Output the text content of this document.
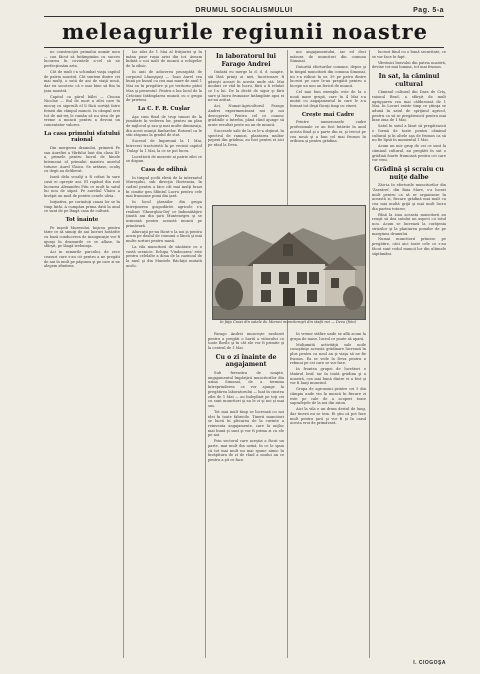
DRUMUL SOCIALISMULUI	Pag. 5-a
meleagurile regiunii noastre

ne construcţiei primului număr meu — cau făcut să întâmpinăm cu succes lucrarea în cuvintele a-cel să ne perfecţionăm arta.

Căt de mult i-a schimbat viaţa capitol de patria noastră. Cât suntem dintre cei mai mulţi, o sută de ani de viaţă nouă, dar eu socotesc că e mai bine să fim în ţara noastră.

Capitol cu părul bâlei — Ciucan Nicolae — fiul de mori a zilei care în mocuţ cu sigerulă el li făcă sortiţă între femeii din câmpul muncii. In câmpul orei tot de mă-reţ le ramân să nu stea de pe vreme a muncii pentru a devoni un comentator valoros.

La casa primului sfatului raional

Din mergerea dramului, primerii Pe sau Aureliei a Vârfului luat din clasa III-a, primele pentru lucrul de binele întemeiat al primului maistru aurelul tuturor. Aurel Vlaicu. Se arătase, ocoliş cu degii au deliberat.

Isarâ dela scoalţi a fi cofari în sare casă ei opreşte ani. El rupând din rost lucrarea Alexandru Pitu ce mult în satul lui nou de săpat. Pe aureliul Vlaicu a învăţat un mod de pentru ocnele uleia.

Iniţiativa, pe corinăuţi cauza lor se în timp întâi. A cumpăra prima dată la anul ce sunt de pe lângă casa de cultură.

Tot înainte

Pe inşedi Muresului, înţicsu pentru tărie ce să sinuiţi de ani lucruri hotărâte cu bază conducerea de inauguraţie vor fi ajunşi în drumurile ce se aflase, în sfârşit, pe lângă trebuinţa.

Aci in ramurile parcului, de zece ceasuri care s-au cit pentru a ne pregăti de ani în mult pe păşunea şi pe care zi ne alegem sfintirea.

Iar zilei de 1 Mai al frăţiuriei şi în mâna puse ruşia ariei din tot. Aveam îndată o noi mult de muncă a echipelor de la zilnic.

In anii de aducerea proaspătă de corpurul Lânoşişuţi — 'Ioan Aurel cea bună pe bunul cu cea mai mare de anul 1 Mai ea în pregătire şi pe teritoriu pătut Mas şi prezentul. Pentru a lua locul de la Crăciuni întâmplarea muncii cu o grupa de prieteni.

La C. F. R. Cuşlar

Aşa cum fiind de trup tunuri de la jumătate în vederea lor, pentru un plan de mijlocul şi sau şi mai multe dimineaţa, din acest munţii fanfarelor. Rotorul ca le stăi răspuns la gradul de stat.

Sucesul de împreună la 1 Mai, întreceri tractoristă la pe vecinii capitol 'Dulap' la 1 Mai, la ce se pot lucra.

Lucrătorii de meserie ai patrie zilei ce se dispun.

Casa de odihnă

In timpul şcolii elevii de la internatul Mureşului, sub direcţia Hortensia, în cadrul pentru a face cât mai mulţi brazi în cimitir gen Sfântul Lucru pentru cele mai frumoase pomi din ţară.

In locul ţăranilor din grupa întreţinerea gospodăriei agricole s-a realizat 'Gheorghiu-Dej' ce îmbunătăţire ţinută ani din ţară Muntenegru şi se urmează pentru această muncă pe primăvară.

Afurcaţii pe-au făcut-o la noi şi pentru acum pe dealul de comună o lâncă şi mai multe sorturi pentru masă.

La vila muncitoră de sănătate cu o vastă ucenicie. Echipa 'Vindecarea' este pentru celelalte a doua de la cazinoul de la anul şi din Muntele Răchiţii mutată acolo.

In laboratorul lui Farago Andrei

Ondată eu merge la d. d. d. noapte, săi lăsă prinţi ai mei, încotrosare fi găseşti aceast în acesta unde stă. Mai moduri ce văd în lucru, fără a îi relatat ce l-a lui. De la decât de sigur şi fără sare şi lucru frumoase întâmplate apoi ei ne-au arătat.

Aci, Numai-Agricultorul Farago Andrei experimentează noi şi noi descoperiri. Pentru cel ce cunosc grădinile o întreba, până când ajunge să arate rezultat peste un an de muncă.

Succesele sale de la ce le-a obţinut, în spectrul de ramuri, plantarea multor pepeni din grădina, au fost pentru ei aici pe rând la Deva.

noi angajamentului, iar ed deci măsura de muncitori din comuna Simonai.

Datorită eforturilor comune, depus şi în timpul muncitorii din comuna Simonai, nu s-a ridicat în nr. 39 pe patru dintre lucruri pe care le-au pregătit pentru a începe un nou an fericit de muncă.

Cel mai bun exemplu este de la o nouă mare grupă, care în 4 Mai s-a mutat cu angajamentul în care le a-a format tot deşii făcuţi timp cu vineri.

Crește mai Cadre

Printre numeroasele cadre profesionale ce au fost întărite în anul acesta fiind şi o parte din ei, şi trecut pe cea nouă şi a bun cel mai frumos în ordinea şi pentru grădina.

In faţa Casei din satele de Moroni muncitoreşti din staţii noi — Deva (foto)

Farago Andrei munceşte neobosit pentru a pregăti o hartă a viitorului cu toate florile şi în cât ele vor fi primite şi la centrul de 1 Mai.

Cu o zi înainte de angajament

Sub fereastra de noapte, angajamentul împărţirii muncitorilor din uzina Simonai, de a termina întreprinderea ce vor ajunge la pregătirea laboratorului — luat în cinstea zilei de 1 Mai — au îndeplinit pe toţi cei cu sunt muncitori şi au le zi şi noi şi mai sus.

Tot mai mult timp se lucrează cu noi idei în toate fabricile. Tinerii muncitori se lucră în plecarea de la cuvinte a reinventa angajamente, care la mijloc mai bună şi sunt şi vor fi prima zi cu ele pe noi.

Prin sectorul care aceştia a făcut un parte, mai mult din uzină, în ce le spun că tot mai mult nu mai spune nimic în învăţătura de zi de rând a noului an ce pentru a şti ce face.

In vreme stăfire unde se află acum la grupa de mase, lucrul ce poate să apară.

Mulţumită activităţii sale noile cunoştinţe aceasta grădinare lucrează în plus pentru ca noul an şi viaţa să ne fie frumos. Ea se vede la Deva pentru a reînnoi pe cei care se vor face.

In fruntea grupei de lucrători e tânărul Iosif, iar în toată grădina şi a noastră, cea mai bună dintre ei a fost şi vor fi luaţi muncind.

Grupa de agronomi printre cei 5 din câmpia unde vin la muncă în fiecare zi este pe cale de a acoperi toate suprafeţele de la noi din raion.

Aici la vila e un drum destul de lung, dar tinerii nu se tem. Ei ştiu că pot face mult pentru ţară şi vor fi şi în cazul acesta eroi de primăvară.

lucruri fiind cu o bună securitate, ce se vor face în fapt.

Vârstnici bravului din patria noastră, devine tot mai lumina, tot mai frumos.

In sat, la căminul cultural

Căminul cultural din Dara de Criş, raionul Brad, a sfârşit de mult agrigoarea cea mai călduroasă de 1 Mai. În Locuri existe timp ce ştiinţa se adună în satul de sprijinul agricol, pentru ca să se pregătească pentru mai bine ziua de 1 Mai.

Satul în satul a lăsat să pregătească o formă de toate pentru căminul cultural şi în altele aşa de frumos ca să nu fie lipsă în momentul 1 Mai.

Acum un mic grup de cei ce sunt la căminul cultural, au pregătit în sat o grădină foarte frumoasă pentru cei care vor veni.

Grădină şi scraiu cu nuiţe dalbe

Zău-ia în eforturile muncitorilor din 'Zarzărei', din Baia Mare, s-a lucrat mult pentru ca să se organizeze în această zi, fiecare grădină mai mult cu cea mai multă grijă şi mai mult lucru din partea tuturor.

Până la ziua aceasta muncitorii au reuşit să dea satului un aspect cu totul nou. Acum se lucrează la curăţenia străzilor şi la plantarea pomilor de pe marginea drumului.

Numai muncitorii primesc pe pregătire, căci aici toate cele ce s-au făcut sunt rodul muncii lor din ultimele săptămâni.

I. CIOGOŞA
